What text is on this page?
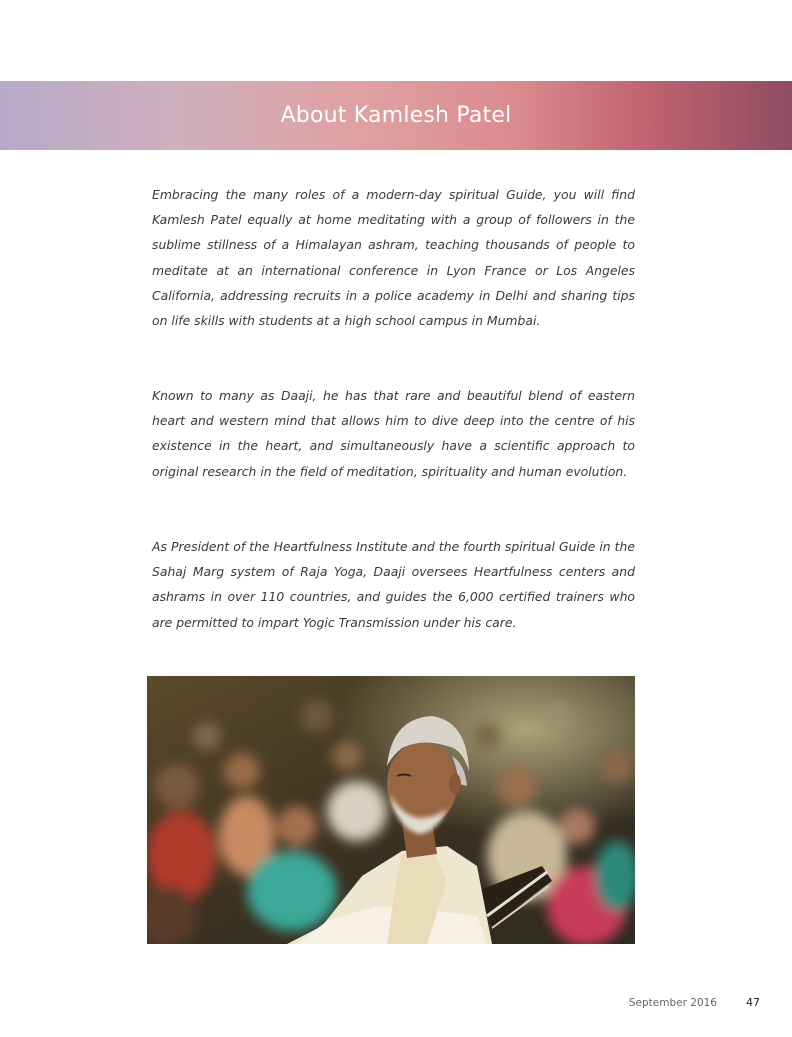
About Kamlesh Patel

Embracing the many roles of a modern-day spiritual Guide, you will find Kamlesh Patel equally at home meditating with a group of followers in the sublime stillness of a Himalayan ashram, teaching thousands of people to meditate at an international conference in Lyon France or Los Angeles California, addressing recruits in a police academy in Delhi and sharing tips on life skills with students at a high school campus in Mumbai.

Known to many as Daaji, he has that rare and beautiful blend of eastern heart and western mind that allows him to dive deep into the centre of his existence in the heart, and simultaneously have a scientific approach to original research in the field of meditation, spirituality and human evolution.

As President of the Heartfulness Institute and the fourth spiritual Guide in the Sahaj Marg system of Raja Yoga, Daaji oversees Heartfulness centers and ashrams in over 110 countries, and guides the 6,000 certified trainers who are permitted to impart Yogic Transmission under his care.

September 2016	47
